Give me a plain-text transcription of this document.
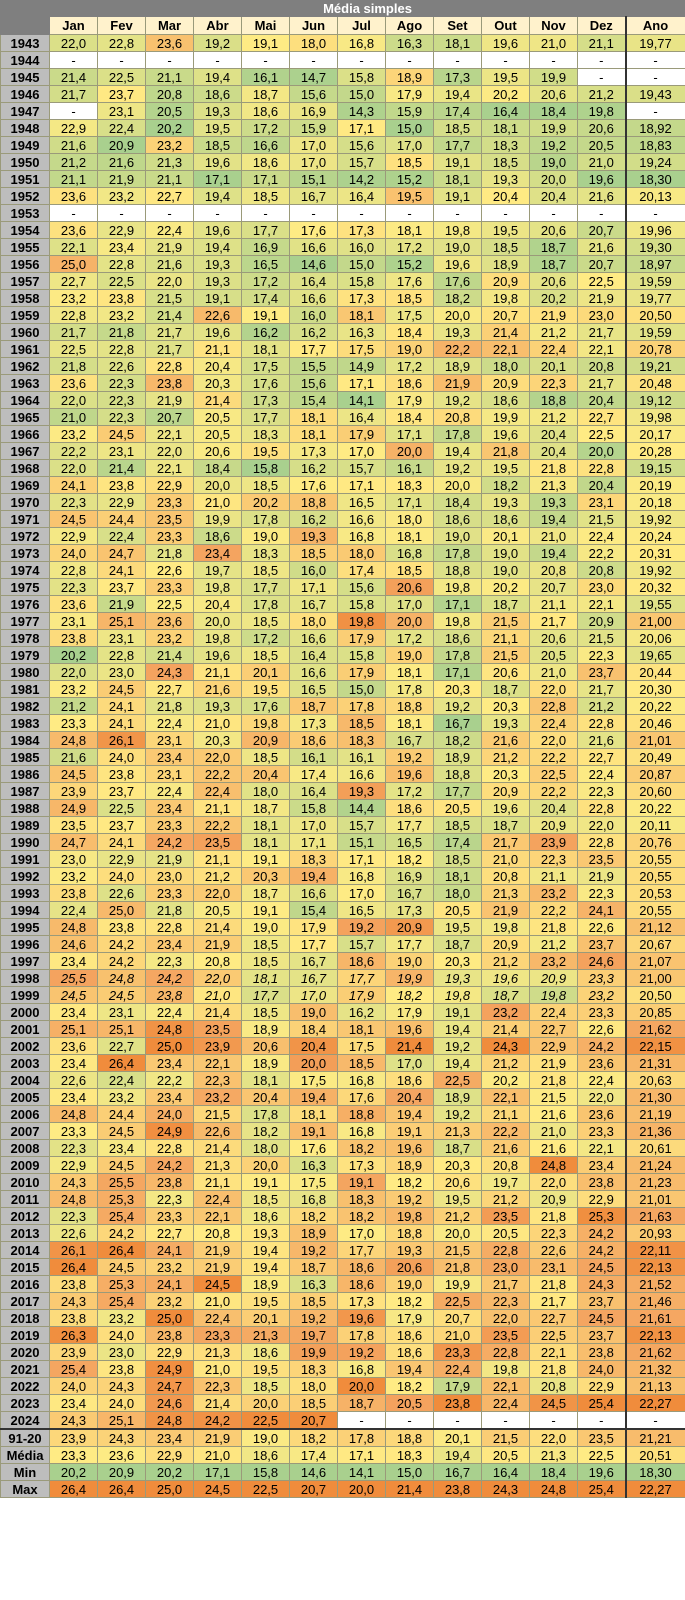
	Média simples												
	Jan	Fev	Mar	Abr	Mai	Jun	Jul	Ago	Set	Out	Nov	Dez	Ano
1943	22,0	22,8	23,6	19,2	19,1	18,0	16,8	16,3	18,1	19,6	21,0	21,1	19,77
1944	-	-	-	-	-	-	-	-	-	-	-	-	-
1945	21,4	22,5	21,1	19,4	16,1	14,7	15,8	18,9	17,3	19,5	19,9	-	-
1946	21,7	23,7	20,8	18,6	18,7	15,6	15,0	17,9	19,4	20,2	20,6	21,2	19,43
1947	-	23,1	20,5	19,3	18,6	16,9	14,3	15,9	17,4	16,4	18,4	19,8	-
1948	22,9	22,4	20,2	19,5	17,2	15,9	17,1	15,0	18,5	18,1	19,9	20,6	18,92
1949	21,6	20,9	23,2	18,5	16,6	17,0	15,6	17,0	17,7	18,3	19,2	20,5	18,83
1950	21,2	21,6	21,3	19,6	18,6	17,0	15,7	18,5	19,1	18,5	19,0	21,0	19,24
1951	21,1	21,9	21,1	17,1	17,1	15,1	14,2	15,2	18,1	19,3	20,0	19,6	18,30
1952	23,6	23,2	22,7	19,4	18,5	16,7	16,4	19,5	19,1	20,4	20,4	21,6	20,13
1953	-	-	-	-	-	-	-	-	-	-	-	-	-
1954	23,6	22,9	22,4	19,6	17,7	17,6	17,3	18,1	19,8	19,5	20,6	20,7	19,96
1955	22,1	23,4	21,9	19,4	16,9	16,6	16,0	17,2	19,0	18,5	18,7	21,6	19,30
1956	25,0	22,8	21,6	19,3	16,5	14,6	15,0	15,2	19,6	18,9	18,7	20,7	18,97
1957	22,7	22,5	22,0	19,3	17,2	16,4	15,8	17,6	17,6	20,9	20,6	22,5	19,59
1958	23,2	23,8	21,5	19,1	17,4	16,6	17,3	18,5	18,2	19,8	20,2	21,9	19,77
1959	22,8	23,2	21,4	22,6	19,1	16,0	18,1	17,5	20,0	20,7	21,9	23,0	20,50
1960	21,7	21,8	21,7	19,6	16,2	16,2	16,3	18,4	19,3	21,4	21,2	21,7	19,59
1961	22,5	22,8	21,7	21,1	18,1	17,7	17,5	19,0	22,2	22,1	22,4	22,1	20,78
1962	21,8	22,6	22,8	20,4	17,5	15,5	14,9	17,2	18,9	18,0	20,1	20,8	19,21
1963	23,6	22,3	23,8	20,3	17,6	15,6	17,1	18,6	21,9	20,9	22,3	21,7	20,48
1964	22,0	22,3	21,9	21,4	17,3	15,4	14,1	17,9	19,2	18,6	18,8	20,4	19,12
1965	21,0	22,3	20,7	20,5	17,7	18,1	16,4	18,4	20,8	19,9	21,2	22,7	19,98
1966	23,2	24,5	22,1	20,5	18,3	18,1	17,9	17,1	17,8	19,6	20,4	22,5	20,17
1967	22,2	23,1	22,0	20,6	19,5	17,3	17,0	20,0	19,4	21,8	20,4	20,0	20,28
1968	22,0	21,4	22,1	18,4	15,8	16,2	15,7	16,1	19,2	19,5	21,8	22,8	19,15
1969	24,1	23,8	22,9	20,0	18,5	17,6	17,1	18,3	20,0	18,2	21,3	20,4	20,19
1970	22,3	22,9	23,3	21,0	20,2	18,8	16,5	17,1	18,4	19,3	19,3	23,1	20,18
1971	24,5	24,4	23,5	19,9	17,8	16,2	16,6	18,0	18,6	18,6	19,4	21,5	19,92
1972	22,9	22,4	23,3	18,6	19,0	19,3	16,8	18,1	19,0	20,1	21,0	22,4	20,24
1973	24,0	24,7	21,8	23,4	18,3	18,5	18,0	16,8	17,8	19,0	19,4	22,2	20,31
1974	22,8	24,1	22,6	19,7	18,5	16,0	17,4	18,5	18,8	19,0	20,8	20,8	19,92
1975	22,3	23,7	23,3	19,8	17,7	17,1	15,6	20,6	19,8	20,2	20,7	23,0	20,32
1976	23,6	21,9	22,5	20,4	17,8	16,7	15,8	17,0	17,1	18,7	21,1	22,1	19,55
1977	23,1	25,1	23,6	20,0	18,5	18,0	19,8	20,0	19,8	21,5	21,7	20,9	21,00
1978	23,8	23,1	23,2	19,8	17,2	16,6	17,9	17,2	18,6	21,1	20,6	21,5	20,06
1979	20,2	22,8	21,4	19,6	18,5	16,4	15,8	19,0	17,8	21,5	20,5	22,3	19,65
1980	22,0	23,0	24,3	21,1	20,1	16,6	17,9	18,1	17,1	20,6	21,0	23,7	20,44
1981	23,2	24,5	22,7	21,6	19,5	16,5	15,0	17,8	20,3	18,7	22,0	21,7	20,30
1982	21,2	24,1	21,8	19,3	17,6	18,7	17,8	18,8	19,2	20,3	22,8	21,2	20,22
1983	23,3	24,1	22,4	21,0	19,8	17,3	18,5	18,1	16,7	19,3	22,4	22,8	20,46
1984	24,8	26,1	23,1	20,3	20,9	18,6	18,3	16,7	18,2	21,6	22,0	21,6	21,01
1985	21,6	24,0	23,4	22,0	18,5	16,1	16,1	19,2	18,9	21,2	22,2	22,7	20,49
1986	24,5	23,8	23,1	22,2	20,4	17,4	16,6	19,6	18,8	20,3	22,5	22,4	20,87
1987	23,9	23,7	22,4	22,4	18,0	16,4	19,3	17,2	17,7	20,9	22,2	22,3	20,60
1988	24,9	22,5	23,4	21,1	18,7	15,8	14,4	18,6	20,5	19,6	20,4	22,8	20,22
1989	23,5	23,7	23,3	22,2	18,1	17,0	15,7	17,7	18,5	18,7	20,9	22,0	20,11
1990	24,7	24,1	24,2	23,5	18,1	17,1	15,1	16,5	17,4	21,7	23,9	22,8	20,76
1991	23,0	22,9	21,9	21,1	19,1	18,3	17,1	18,2	18,5	21,0	22,3	23,5	20,55
1992	23,2	24,0	23,0	21,2	20,3	19,4	16,8	16,9	18,1	20,8	21,1	21,9	20,55
1993	23,8	22,6	23,3	22,0	18,7	16,6	17,0	16,7	18,0	21,3	23,2	22,3	20,53
1994	22,4	25,0	21,8	20,5	19,1	15,4	16,5	17,3	20,5	21,9	22,2	24,1	20,55
1995	24,8	23,8	22,8	21,4	19,0	17,9	19,2	20,9	19,5	19,8	21,8	22,6	21,12
1996	24,6	24,2	23,4	21,9	18,5	17,7	15,7	17,7	18,7	20,9	21,2	23,7	20,67
1997	23,4	24,2	22,3	20,8	18,5	16,7	18,6	19,0	20,3	21,2	23,2	24,6	21,07
1998	25,5	24,8	24,2	22,0	18,1	16,7	17,7	19,9	19,3	19,6	20,9	23,3	21,00
1999	24,5	24,5	23,8	21,0	17,7	17,0	17,9	18,2	19,8	18,7	19,8	23,2	20,50
2000	23,4	23,1	22,4	21,4	18,5	19,0	16,2	17,9	19,1	23,2	22,4	23,3	20,85
2001	25,1	25,1	24,8	23,5	18,9	18,4	18,1	19,6	19,4	21,4	22,7	22,6	21,62
2002	23,6	22,7	25,0	23,9	20,6	20,4	17,5	21,4	19,2	24,3	22,9	24,2	22,15
2003	23,4	26,4	23,4	22,1	18,9	20,0	18,5	17,0	19,4	21,2	21,9	23,6	21,31
2004	22,6	22,4	22,2	22,3	18,1	17,5	16,8	18,6	22,5	20,2	21,8	22,4	20,63
2005	23,4	23,2	23,4	23,2	20,4	19,4	17,6	20,4	18,9	22,1	21,5	22,0	21,30
2006	24,8	24,4	24,0	21,5	17,8	18,1	18,8	19,4	19,2	21,1	21,6	23,6	21,19
2007	23,3	24,5	24,9	22,6	18,2	19,1	16,8	19,1	21,3	22,2	21,0	23,3	21,36
2008	22,3	23,4	22,8	21,4	18,0	17,6	18,2	19,6	18,7	21,6	21,6	22,1	20,61
2009	22,9	24,5	24,2	21,3	20,0	16,3	17,3	18,9	20,3	20,8	24,8	23,4	21,24
2010	24,3	25,5	23,8	21,1	19,1	17,5	19,1	18,2	20,6	19,7	22,0	23,8	21,23
2011	24,8	25,3	22,3	22,4	18,5	16,8	18,3	19,2	19,5	21,2	20,9	22,9	21,01
2012	22,3	25,4	23,3	22,1	18,6	18,2	18,2	19,8	21,2	23,5	21,8	25,3	21,63
2013	22,6	24,2	22,7	20,8	19,3	18,9	17,0	18,8	20,0	20,5	22,3	24,2	20,93
2014	26,1	26,4	24,1	21,9	19,4	19,2	17,7	19,3	21,5	22,8	22,6	24,2	22,11
2015	26,4	24,5	23,2	21,9	19,4	18,7	18,6	20,6	21,8	23,0	23,1	24,5	22,13
2016	23,8	25,3	24,1	24,5	18,9	16,3	18,6	19,0	19,9	21,7	21,8	24,3	21,52
2017	24,3	25,4	23,2	21,0	19,5	18,5	17,3	18,2	22,5	22,3	21,7	23,7	21,46
2018	23,8	23,2	25,0	22,4	20,1	19,2	19,6	17,9	20,7	22,0	22,7	24,5	21,61
2019	26,3	24,0	23,8	23,3	21,3	19,7	17,8	18,6	21,0	23,5	22,5	23,7	22,13
2020	23,9	23,0	22,9	21,3	18,6	19,9	19,2	18,6	23,3	22,8	22,1	23,8	21,62
2021	25,4	23,8	24,9	21,0	19,5	18,3	16,8	19,4	22,4	19,8	21,8	24,0	21,32
2022	24,0	24,3	24,7	22,3	18,5	18,0	20,0	18,2	17,9	22,1	20,8	22,9	21,13
2023	23,4	24,0	24,6	21,4	20,0	18,5	18,7	20,5	23,8	22,4	24,5	25,4	22,27
2024	24,3	25,1	24,8	24,2	22,5	20,7	-	-	-	-	-	-	-
91-20	23,9	24,3	23,4	21,9	19,0	18,2	17,8	18,8	20,1	21,5	22,0	23,5	21,21
Média	23,3	23,6	22,9	21,0	18,6	17,4	17,1	18,3	19,4	20,5	21,3	22,5	20,51
Min	20,2	20,9	20,2	17,1	15,8	14,6	14,1	15,0	16,7	16,4	18,4	19,6	18,30
Max	26,4	26,4	25,0	24,5	22,5	20,7	20,0	21,4	23,8	24,3	24,8	25,4	22,27
